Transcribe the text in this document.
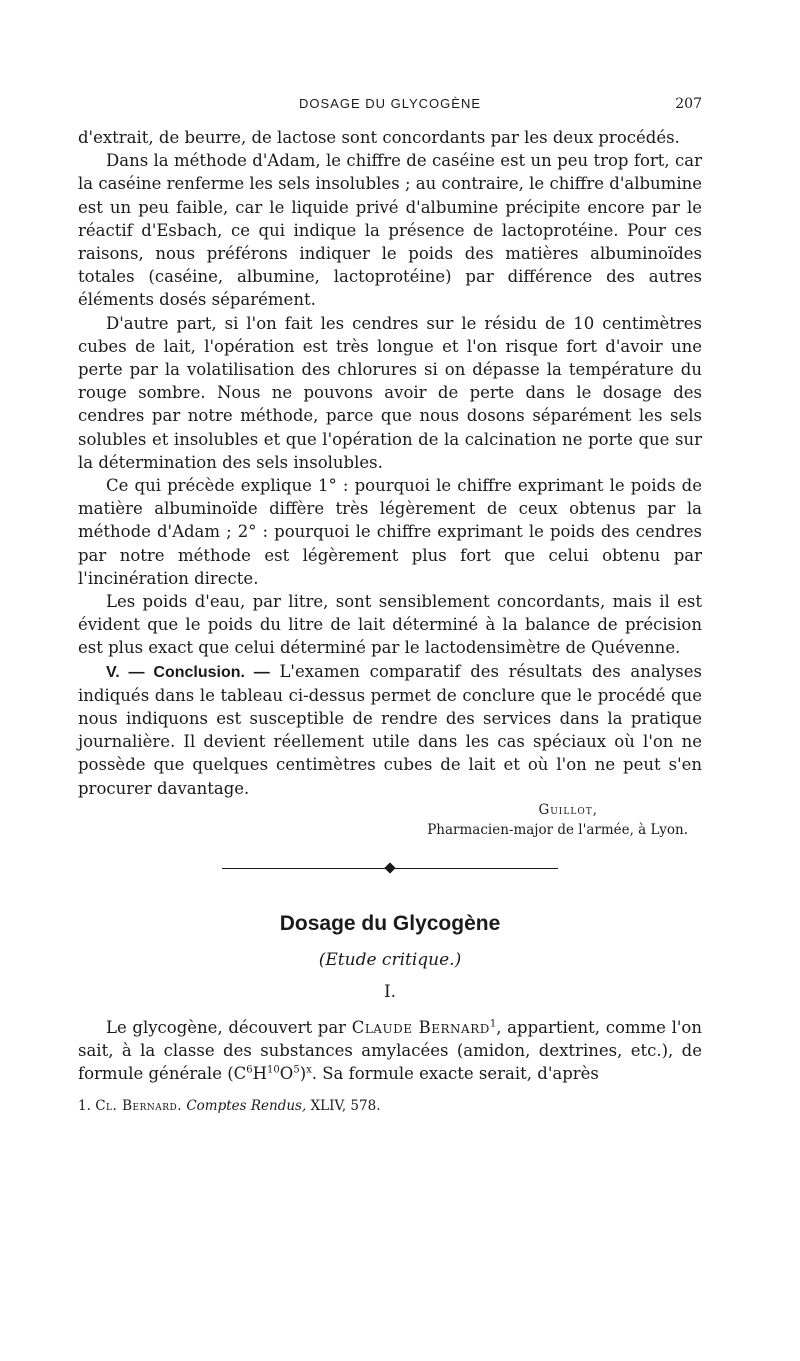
DOSAGE DU GLYCOGÈNE	207

d'extrait, de beurre, de lactose sont concordants par les deux procédés.

Dans la méthode d'Adam, le chiffre de caséine est un peu trop fort, car la caséine renferme les sels insolubles ; au contraire, le chiffre d'albumine est un peu faible, car le liquide privé d'albumine précipite encore par le réactif d'Esbach, ce qui indique la présence de lactoprotéine. Pour ces raisons, nous préférons indiquer le poids des matières albuminoïdes totales (caséine, albumine, lactoprotéine) par différence des autres éléments dosés séparément.

D'autre part, si l'on fait les cendres sur le résidu de 10 centimètres cubes de lait, l'opération est très longue et l'on risque fort d'avoir une perte par la volatilisation des chlorures si on dépasse la température du rouge sombre. Nous ne pouvons avoir de perte dans le dosage des cendres par notre méthode, parce que nous dosons séparément les sels solubles et insolubles et que l'opération de la calcination ne porte que sur la détermination des sels insolubles.

Ce qui précède explique 1° : pourquoi le chiffre exprimant le poids de matière albuminoïde diffère très légèrement de ceux obtenus par la méthode d'Adam ; 2° : pourquoi le chiffre exprimant le poids des cendres par notre méthode est légèrement plus fort que celui obtenu par l'incinération directe.

Les poids d'eau, par litre, sont sensiblement concordants, mais il est évident que le poids du litre de lait déterminé à la balance de précision est plus exact que celui déterminé par le lactodensimètre de Quévenne.

V. — Conclusion. — L'examen comparatif des résultats des analyses indiqués dans le tableau ci-dessus permet de conclure que le procédé que nous indiquons est susceptible de rendre des services dans la pratique journalière. Il devient réellement utile dans les cas spéciaux où l'on ne possède que quelques centimètres cubes de lait et où l'on ne peut s'en procurer davantage.

Guillot,
Pharmacien-major de l'armée, à Lyon.
Dosage du Glycogène
(Etude critique.)
I.

Le glycogène, découvert par Claude Bernard$^1$, appartient, comme l'on sait, à la classe des substances amylacées (amidon, dextrines, etc.), de formule générale $(C^6H^{10}O^5)^x$. Sa formule exacte serait, d'après

1. Cl. Bernard. Comptes Rendus, XLIV, 578.
